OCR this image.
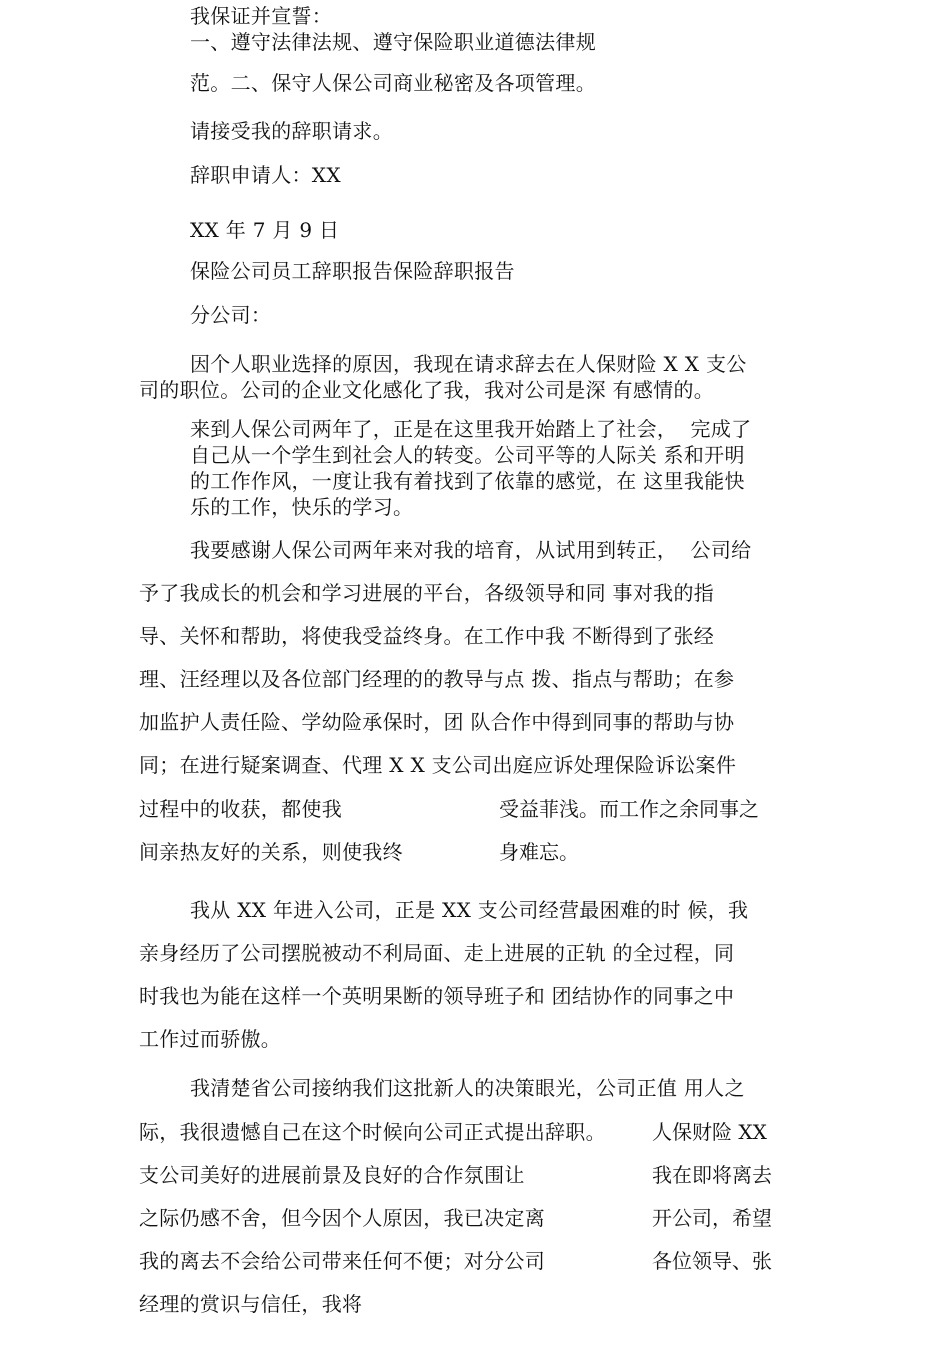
我保证并宣誓：
一、遵守法律法规、遵守保险职业道德法律规
范。二、保守人保公司商业秘密及各项管理。
请接受我的辞职请求。
辞职申请人：XX
XX 年 7 月 9 日
保险公司员工辞职报告保险辞职报告
分公司：
因个人职业选择的原因，我现在请求辞去在人保财险 X X 支公
司的职位。公司的企业文化感化了我，我对公司是深 有感情的。
来到人保公司两年了，正是在这里我开始踏上了社会，  完成了
自己从一个学生到社会人的转变。公司平等的人际关 系和开明
的工作作风，一度让我有着找到了依靠的感觉，在 这里我能快
乐的工作，快乐的学习。
我要感谢人保公司两年来对我的培育，从试用到转正，  公司给
予了我成长的机会和学习进展的平台，各级领导和同 事对我的指
导、关怀和帮助，将使我受益终身。在工作中我 不断得到了张经
理、汪经理以及各位部门经理的的教导与点 拨、指点与帮助；在参
加监护人责任险、学幼险承保时，团 队合作中得到同事的帮助与协
同；在进行疑案调查、代理 X X 支公司出庭应诉处理保险诉讼案件
过程中的收获，都使我	受益菲浅。而工作之余同事之
间亲热友好的关系，则使我终	身难忘。
我从 XX 年进入公司，正是 XX 支公司经营最困难的时 候，我
亲身经历了公司摆脱被动不利局面、走上进展的正轨 的全过程，同
时我也为能在这样一个英明果断的领导班子和 团结协作的同事之中
工作过而骄傲。
我清楚省公司接纳我们这批新人的决策眼光，公司正值 用人之
际，我很遗憾自己在这个时候向公司正式提出辞职。 人保财险 XX
支公司美好的进展前景及良好的合作氛围让	我在即将离去
之际仍感不舍，但今因个人原因，我已决定离	开公司，希望
我的离去不会给公司带来任何不便；对分公司	各位领导、张
经理的赏识与信任，我将
